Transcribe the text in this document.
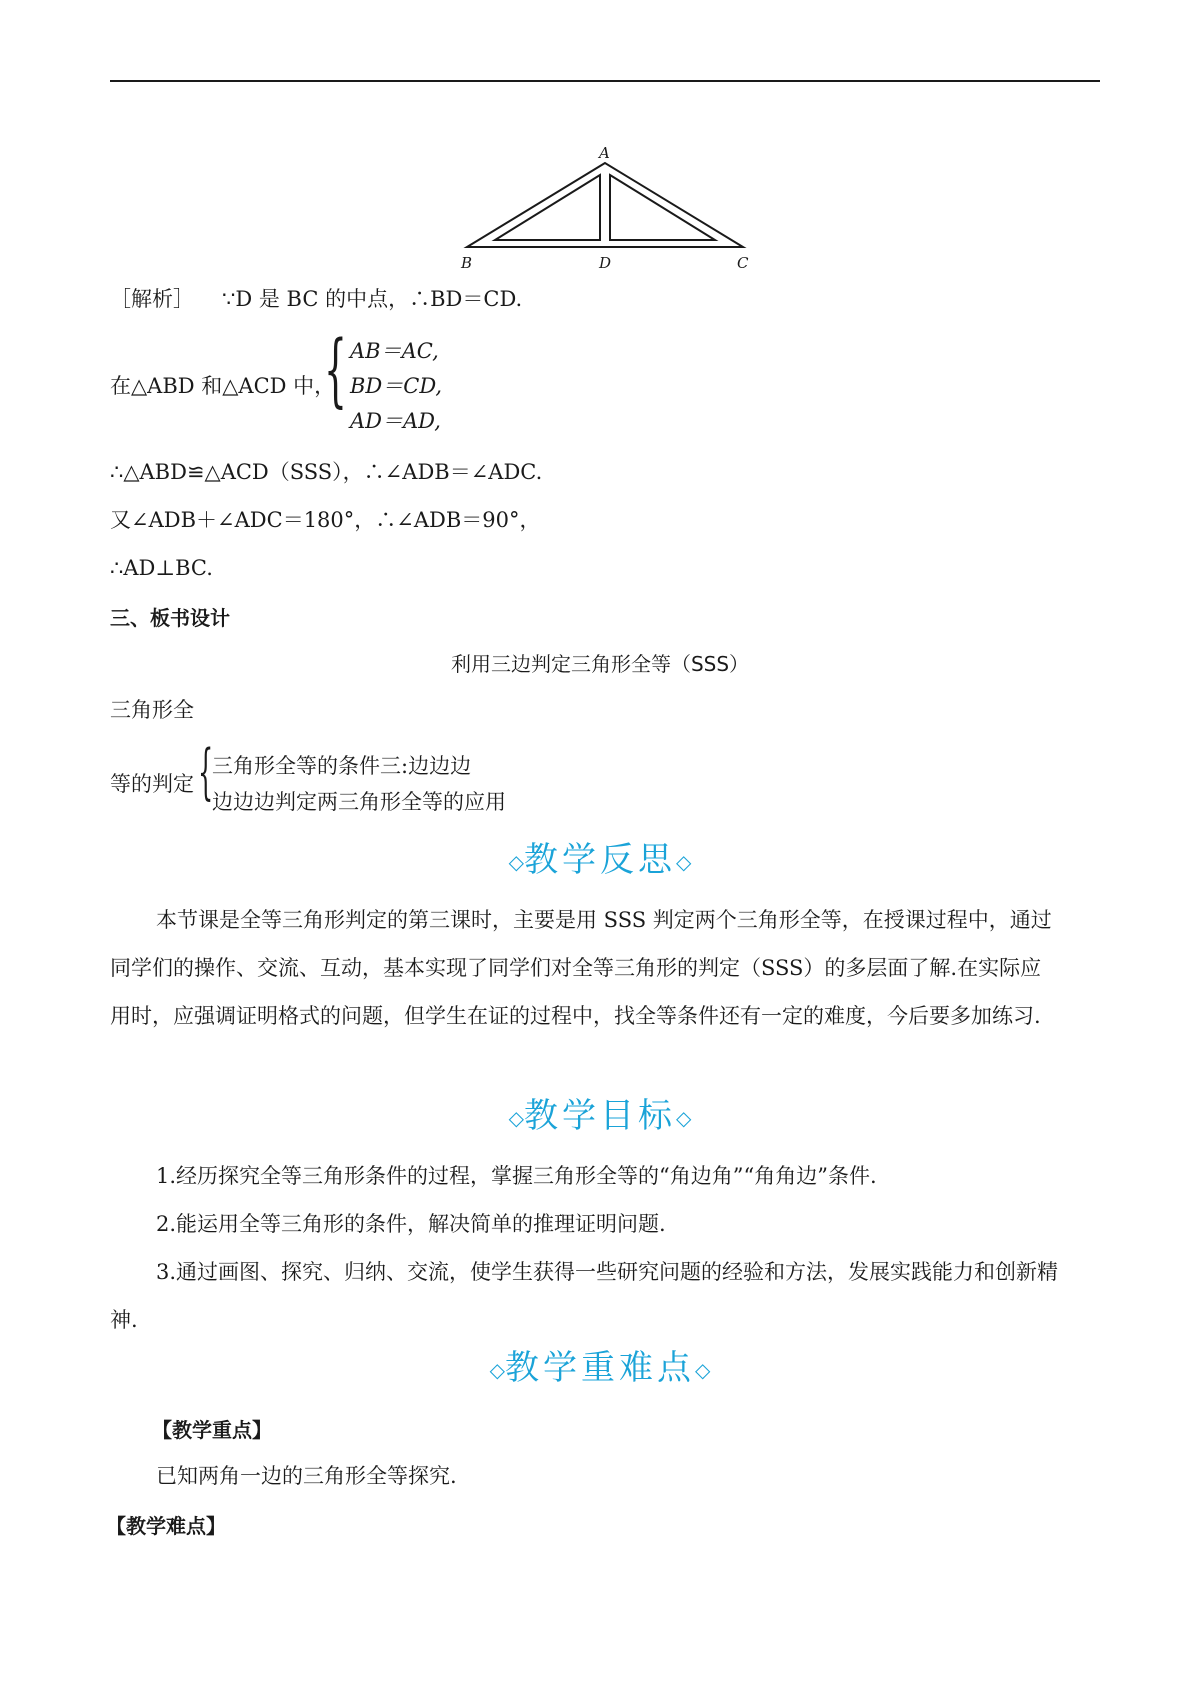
A
B	D	C
［解析］ ∵D 是 BC 的中点，∴BD＝CD.
在△ABD 和△ACD 中，
{ AB＝AC,
BD＝CD,
AD＝AD,
∴△ABD≌△ACD（SSS），∴∠ADB＝∠ADC.
又∠ADB＋∠ADC＝180°，∴∠ADB＝90°，
∴AD⊥BC.
三、板书设计
利用三边判定三角形全等（SSS）
三角形全
等的判定 {
三角形全等的条件三:边边边
边边边判定两三角形全等的应用
◇教学反思◇
本节课是全等三角形判定的第三课时，主要是用 SSS 判定两个三角形全等，在授课过程中，通过
同学们的操作、交流、互动，基本实现了同学们对全等三角形的判定（SSS）的多层面了解.在实际应
用时，应强调证明格式的问题，但学生在证的过程中，找全等条件还有一定的难度，今后要多加练习.
◇教学目标◇
1.经历探究全等三角形条件的过程，掌握三角形全等的“角边角”“角角边”条件.
2.能运用全等三角形的条件，解决简单的推理证明问题.
3.通过画图、探究、归纳、交流，使学生获得一些研究问题的经验和方法，发展实践能力和创新精
神.
◇教学重难点◇
【教学重点】
已知两角一边的三角形全等探究.
【教学难点】
